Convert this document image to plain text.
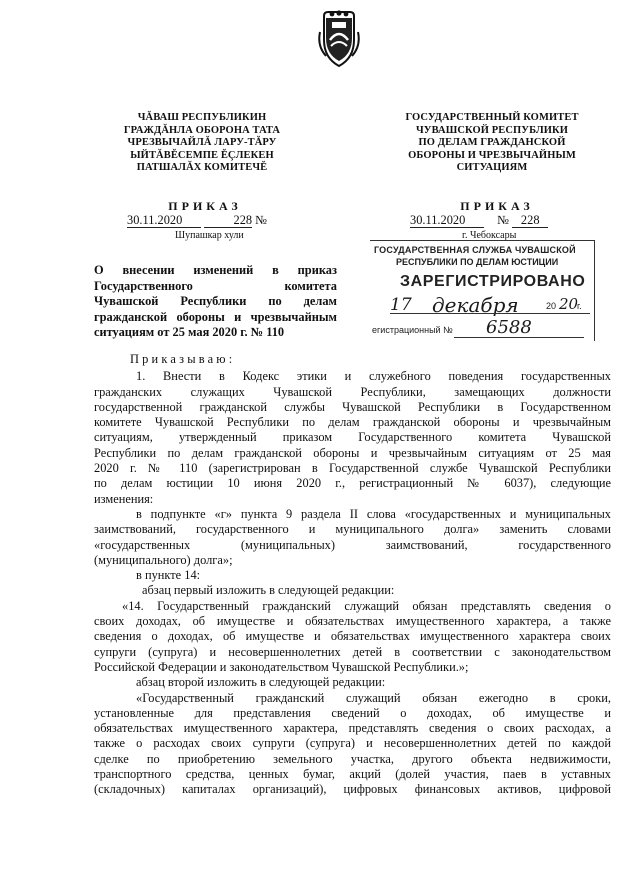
ЧĂВАШ РЕСПУБЛИКИН
ГРАЖДĂНЛА ОБОРОНА ТАТА
ЧРЕЗВЫЧАЙЛĂ ЛАРУ-ТĂРУ
ЫЙТĂВĔСЕМПЕ ĔÇЛЕКЕН
ПАТШАЛĂХ КОМИТЕЧĔ
ГОСУДАРСТВЕННЫЙ КОМИТЕТ
ЧУВАШСКОЙ РЕСПУБЛИКИ
ПО ДЕЛАМ ГРАЖДАНСКОЙ
ОБОРОНЫ И ЧРЕЗВЫЧАЙНЫМ
СИТУАЦИЯМ
ПРИКАЗ
30.11.2020	228 №
Шупашкар хули
ПРИКАЗ
30.11.2020	№ 228
г. Чебоксары
ГОСУДАРСТВЕННАЯ СЛУЖБА ЧУВАШСКОЙ
РЕСПУБЛИКИ ПО ДЕЛАМ ЮСТИЦИИ
ЗАРЕГИСТРИРОВАНО
17 декабря	20 20
г.
егистрационный № 6588
О внесении изменений в приказ
Государственного	комитета
Чувашской Республики по делам
гражданской обороны и чрезвычайным
ситуациям от 25 мая 2020 г. № 110
Приказываю:
1. Внести в Кодекс этики и служебного поведения государственных
гражданских служащих Чувашской Республики, замещающих должности
государственной гражданской службы Чувашской Республики в Государственном
комитете Чувашской Республики по делам гражданской обороны и чрезвычайным
ситуациям, утвержденный приказом Государственного комитета Чувашской
Республики по делам гражданской обороны и чрезвычайным ситуациям от 25 мая
2020 г. № 110 (зарегистрирован в Государственной службе Чувашской Республики
по делам юстиции 10 июня 2020 г., регистрационный № 6037), следующие
изменения:
в подпункте «г» пункта 9 раздела II слова «государственных и муниципальных
заимствований, государственного и муниципального долга» заменить словами
«государственных (муниципальных) заимствований, государственного
(муниципального) долга»;
в пункте 14:
абзац первый изложить в следующей редакции:
«14. Государственный гражданский служащий обязан представлять сведения о
своих доходах, об имуществе и обязательствах имущественного характера, а также
сведения о доходах, об имуществе и обязательствах имущественного характера своих
супруги (супруга) и несовершеннолетних детей в соответствии с законодательством
Российской Федерации и законодательством Чувашской Республики.»;
абзац второй изложить в следующей редакции:
«Государственный гражданский служащий обязан ежегодно в сроки,
установленные для представления сведений о доходах, об имуществе и
обязательствах имущественного характера, представлять сведения о своих расходах, а
также о расходах своих супруги (супруга) и несовершеннолетних детей по каждой
сделке по приобретению земельного участка, другого объекта недвижимости,
транспортного средства, ценных бумаг, акций (долей участия, паев в уставных
(складочных) капиталах организаций), цифровых финансовых активов, цифровой
